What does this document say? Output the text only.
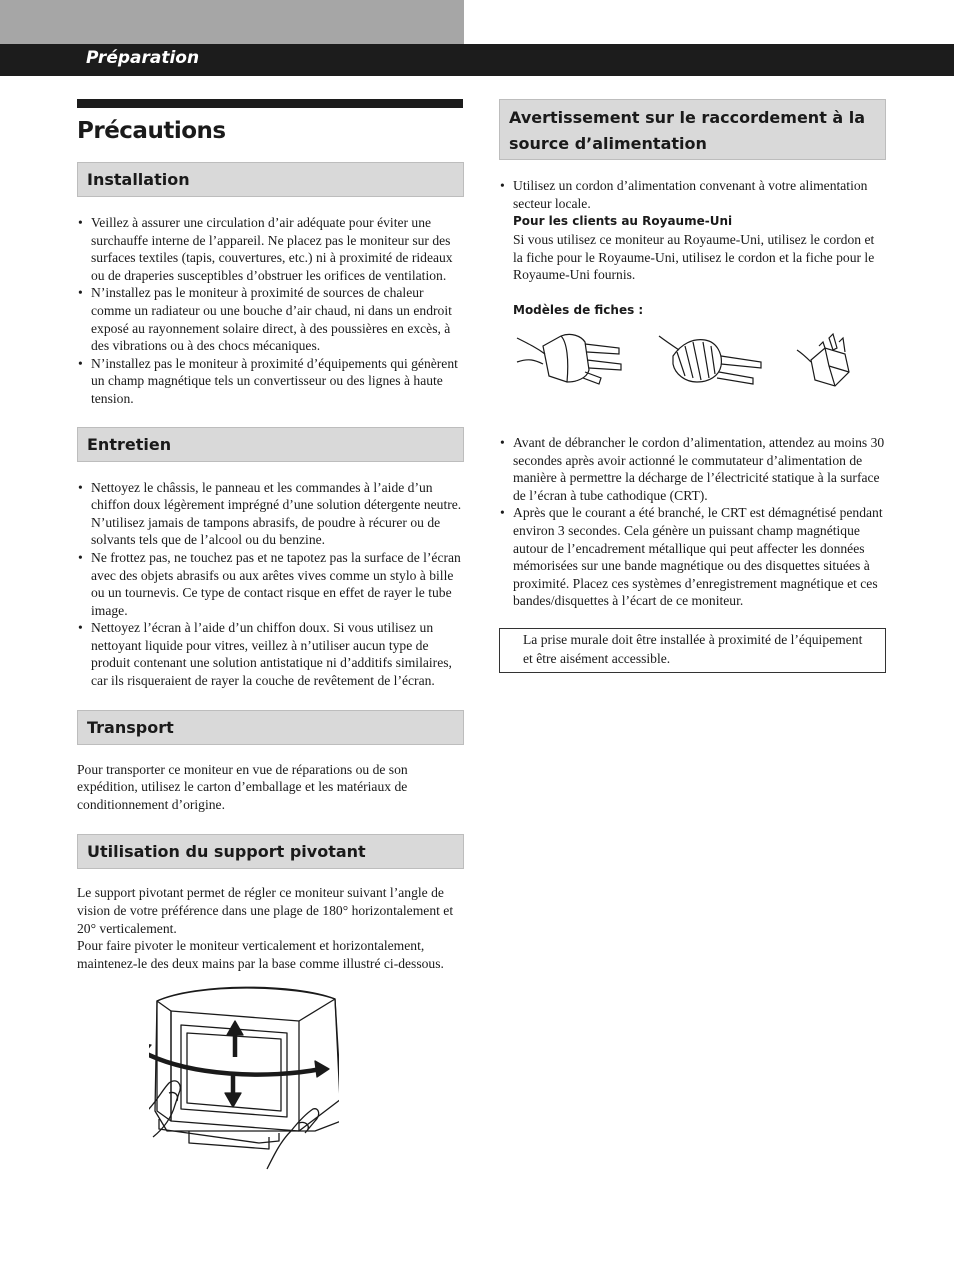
Préparation
Précautions
Installation
• Veillez à assurer une circulation d’air adéquate pour éviter une surchauffe interne de l’appareil. Ne placez pas le moniteur sur des surfaces textiles (tapis, couvertures, etc.) ni à proximité de rideaux ou de draperies susceptibles d’obstruer les orifices de ventilation.
• N’installez pas le moniteur à proximité de sources de chaleur comme un radiateur ou une bouche d’air chaud, ni dans un endroit exposé au rayonnement solaire direct, à des poussières en excès, à des vibrations ou à des chocs mécaniques.
• N’installez pas le moniteur à proximité d’équipements qui génèrent un champ magnétique tels un convertisseur ou des lignes à haute tension.
Entretien
• Nettoyez le châssis, le panneau et les commandes à l’aide d’un chiffon doux légèrement imprégné d’une solution détergente neutre. N’utilisez jamais de tampons abrasifs, de poudre à récurer ou de solvants tels que de l’alcool ou du benzine.
• Ne frottez pas, ne touchez pas et ne tapotez pas la surface de l’écran avec des objets abrasifs ou aux arêtes vives comme un stylo à bille ou un tournevis. Ce type de contact risque en effet de rayer le tube image.
• Nettoyez l’écran à l’aide d’un chiffon doux. Si vous utilisez un nettoyant liquide pour vitres, veillez à n’utiliser aucun type de produit contenant une solution antistatique ni d’additifs similaires, car ils risqueraient de rayer la couche de revêtement de l’écran.
Transport

Pour transporter ce moniteur en vue de réparations ou de son expédition, utilisez le carton d’emballage et les matériaux de conditionnement d’origine.

Utilisation du support pivotant

Le support pivotant permet de régler ce moniteur suivant l’angle de vision de votre préférence dans une plage de 180° horizontalement et 20° verticalement.

Pour faire pivoter le moniteur verticalement et horizontalement, maintenez-le des deux mains par la base comme illustré ci-dessous.

Avertissement sur le raccordement à la source d’alimentation
• Utilisez un cordon d’alimentation convenant à votre alimentation secteur locale.
Pour les clients au Royaume-Uni
Si vous utilisez ce moniteur au Royaume-Uni, utilisez le cordon et la fiche pour le Royaume-Uni, utilisez le cordon et la fiche pour le Royaume-Uni fournis.
Modèles de fiches :
• Avant de débrancher le cordon d’alimentation, attendez au moins 30 secondes après avoir actionné le commutateur d’alimentation de manière à permettre la décharge de l’électricité statique à la surface de l’écran à tube cathodique (CRT).
• Après que le courant a été branché, le CRT est démagnétisé pendant environ 3 secondes. Cela génère un puissant champ magnétique autour de l’encadrement métallique qui peut affecter les données mémorisées sur une bande magnétique ou des disquettes situées à proximité. Placez ces systèmes d’enregistrement magnétique et ces bandes/disquettes à l’écart de ce moniteur.
La prise murale doit être installée à proximité de l’équipement et être aisément accessible.
